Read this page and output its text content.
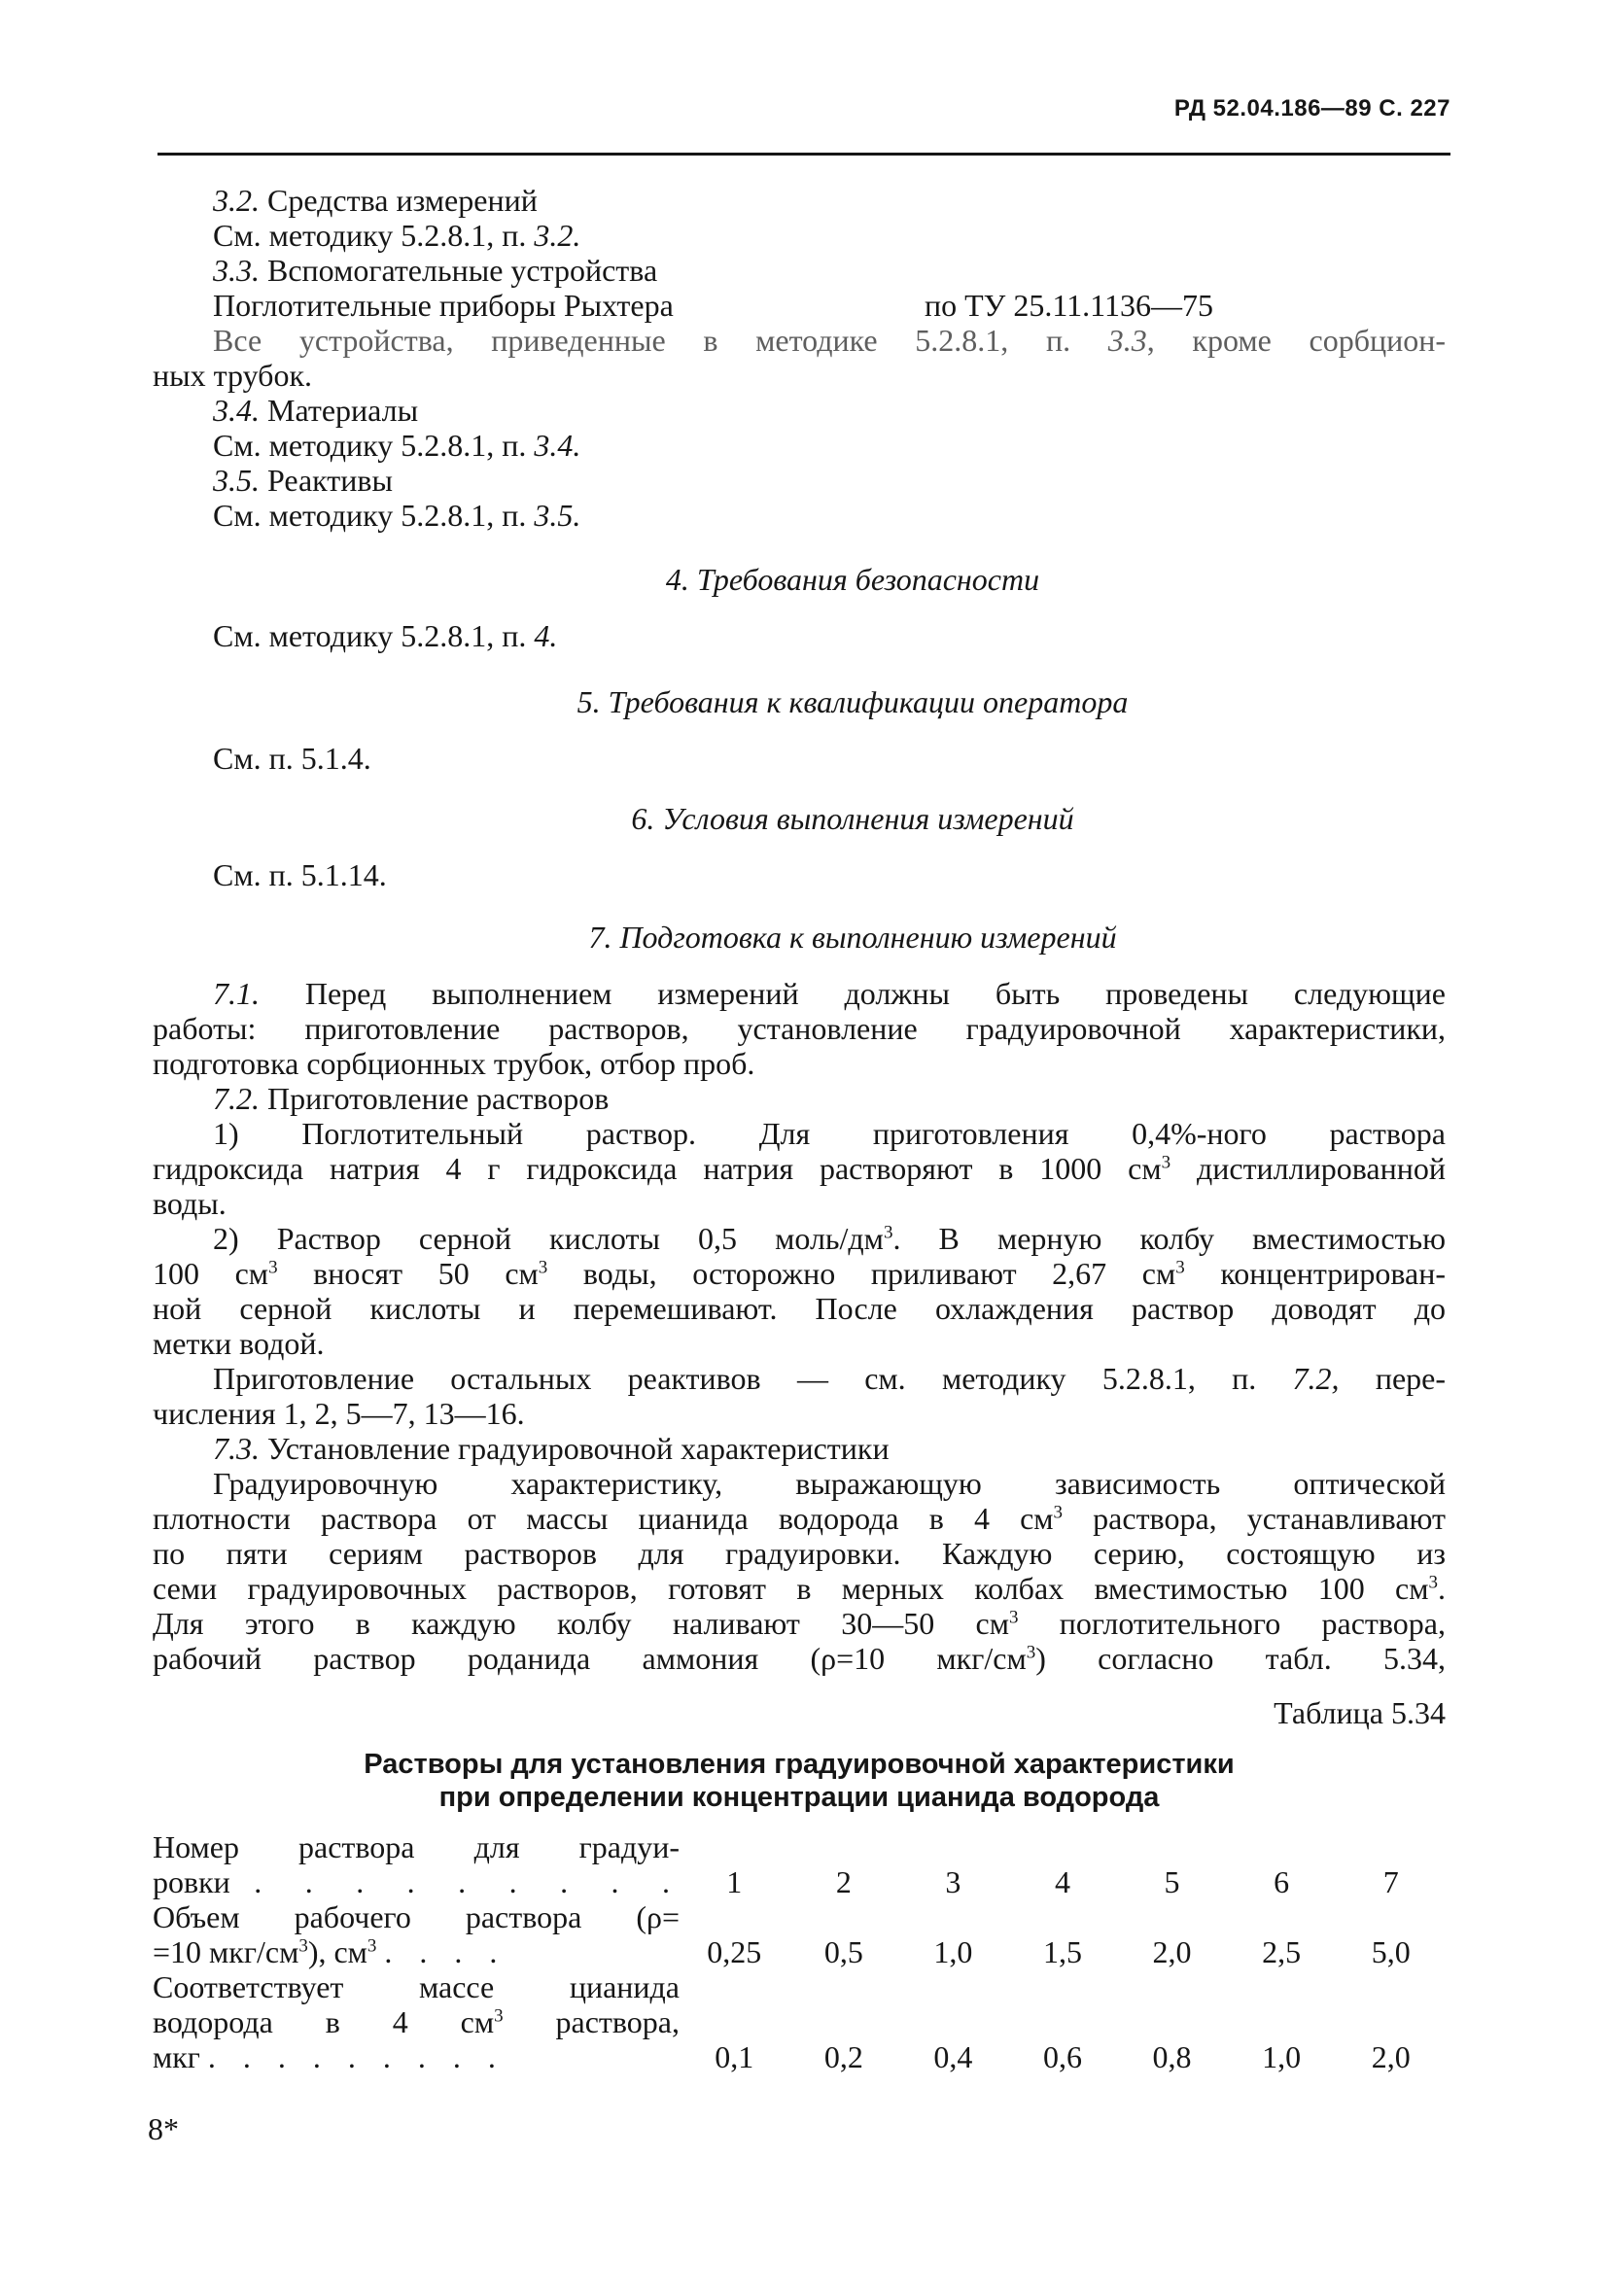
РД 52.04.186—89 С. 227
3.2. Средства измерений
См. методику 5.2.8.1, п. 3.2.
3.3. Вспомогательные устройства
Поглотительные приборы Рыхтера	по ТУ 25.11.1136—75
Все устройства, приведенные в методике 5.2.8.1, п. 3.3, кроме сорбцион-
ных трубок.
3.4. Материалы
См. методику 5.2.8.1, п. 3.4.
3.5. Реактивы
См. методику 5.2.8.1, п. 3.5.
4. Требования безопасности
См. методику 5.2.8.1, п. 4.
5. Требования к квалификации оператора
См. п. 5.1.4.
6. Условия выполнения измерений
См. п. 5.1.14.
7. Подготовка к выполнению измерений
7.1. Перед выполнением измерений должны быть проведены следующие
работы: приготовление растворов, установление градуировочной характеристики,
подготовка сорбционных трубок, отбор проб.
7.2. Приготовление растворов
1) Поглотительный раствор. Для приготовления 0,4%-ного раствора
гидроксида натрия 4 г гидроксида натрия растворяют в 1000 $см^3$ дистиллированной
воды.
2) Раствор серной кислоты 0,5 моль/$дм^3$. В мерную колбу вместимостью
100 $см^3$ вносят 50 $см^3$ воды, осторожно приливают 2,67 $см^3$ концентрирован-
ной серной кислоты и перемешивают. После охлаждения раствор доводят до
метки водой.
Приготовление остальных реактивов — см. методику 5.2.8.1, п. 7.2, пере-
числения 1, 2, 5—7, 13—16.
7.3. Установление градуировочной характеристики
Градуировочную характеристику, выражающую зависимость оптической
плотности раствора от массы цианида водорода в 4 $см^3$ раствора, устанавливают
по пяти сериям растворов для градуировки. Каждую серию, состоящую из
семи градуировочных растворов, готовят в мерных колбах вместимостью 100 $см^3$.
Для этого в каждую колбу наливают 30—50 $см^3$ поглотительного раствора,
рабочий раствор роданида аммония (ρ=10 мкг/$см^3$) согласно табл. 5.34,
Таблица 5.34
Растворы для установления градуировочной характеристики
при определении концентрации цианида водорода
Номер раствора для градуи-
ровки . . . . . . . . .	1	2	3	4	5	6	7

Объем рабочего раствора (ρ=
=10 мкг/$см^3$), $см^3$ . . . .	0,25	0,5	1,0	1,5	2,0	2,5	5,0

Соответствует массе цианида
водорода в 4 $см^3$ раствора,
мкг . . . . . . . . .	0,1	0,2	0,4	0,6	0,8	1,0	2,0
8*
